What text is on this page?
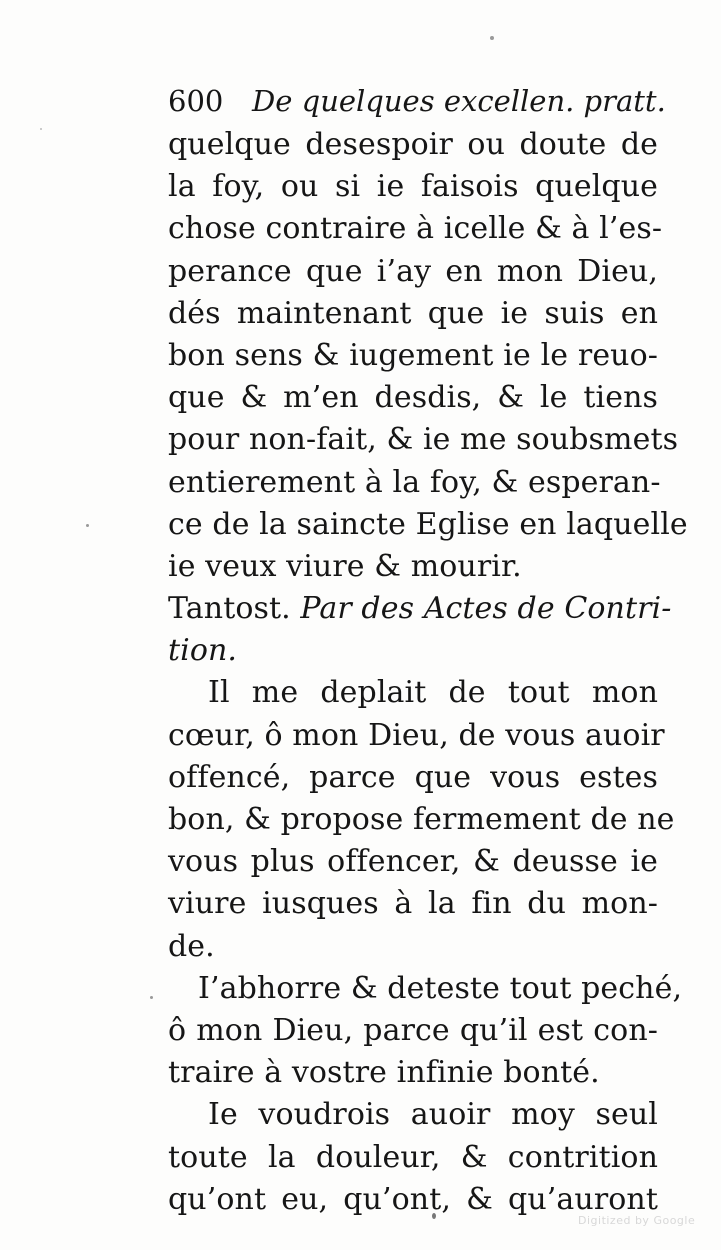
600 De quelques excellen. pratt.
quelque desespoir ou doute de
la foy, ou si ie faisois quelque
chose contraire à icelle & à l’es-
perance que i’ay en mon Dieu,
dés maintenant que ie suis en
bon sens & iugement ie le reuo-
que & m’en desdis, & le tiens
pour non-fait, & ie me soubsmets
entierement à la foy, & esperan-
ce de la saincte Eglise en laquelle
ie veux viure & mourir.
Tantost. Par des Actes de Contri-
tion.
Il me deplait de tout mon
cœur, ô mon Dieu, de vous auoir
offencé, parce que vous estes
bon, & propose fermement de ne
vous plus offencer, & deusse ie
viure iusques à la fin du mon-
de.
I’abhorre & deteste tout peché,
ô mon Dieu, parce qu’il est con-
traire à vostre infinie bonté.
Ie voudrois auoir moy seul
toute la douleur, & contrition
qu’ont eu, qu’ont, & qu’auront
Digitized by Google
